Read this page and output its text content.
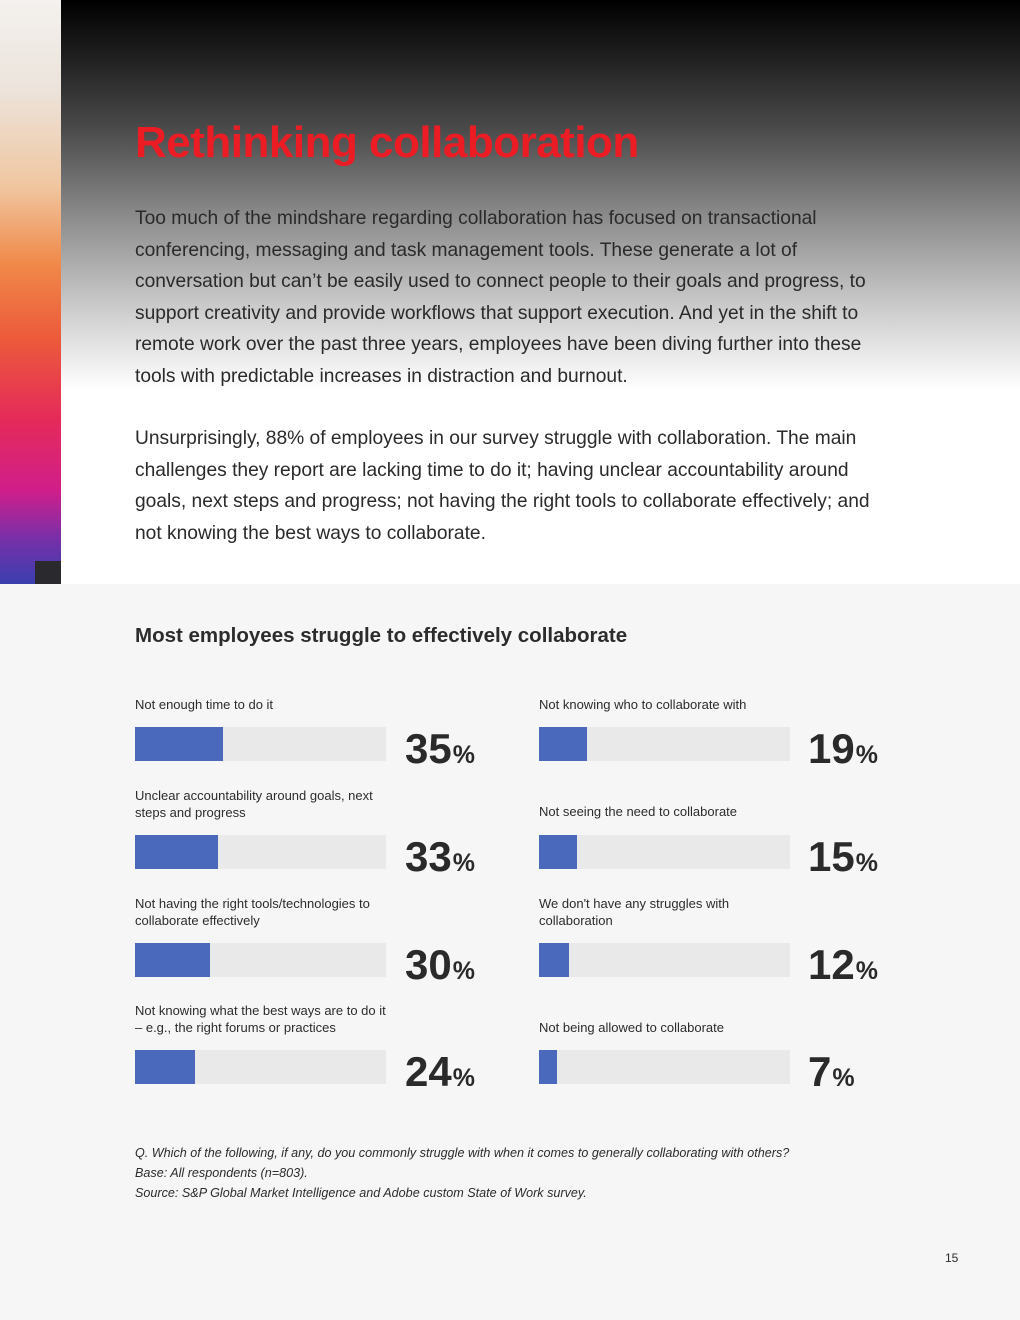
Rethinking collaboration

Too much of the mindshare regarding collaboration has focused on transactional conferencing, messaging and task management tools. These generate a lot of conversation but can’t be easily used to connect people to their goals and progress, to support creativity and provide workflows that support execution. And yet in the shift to remote work over the past three years, employees have been diving further into these tools with predictable increases in distraction and burnout.

Unsurprisingly, 88% of employees in our survey struggle with collaboration. The main challenges they report are lacking time to do it; having unclear accountability around goals, next steps and progress; not having the right tools to collaborate effectively; and not knowing the best ways to collaborate.

Most employees struggle to effectively collaborate
Not enough time to do it
35%
Unclear accountability around goals, next steps and progress
33%
Not having the right tools/technologies to collaborate effectively
30%
Not knowing what the best ways are to do it – e.g., the right forums or practices
24%
Not knowing who to collaborate with
19%
Not seeing the need to collaborate
15%
We don't have any struggles with collaboration
12%
Not being allowed to collaborate
7%

Q. Which of the following, if any, do you commonly struggle with when it comes to generally collaborating with others?

Base: All respondents (n=803).

Source: S&P Global Market Intelligence and Adobe custom State of Work survey.

15
